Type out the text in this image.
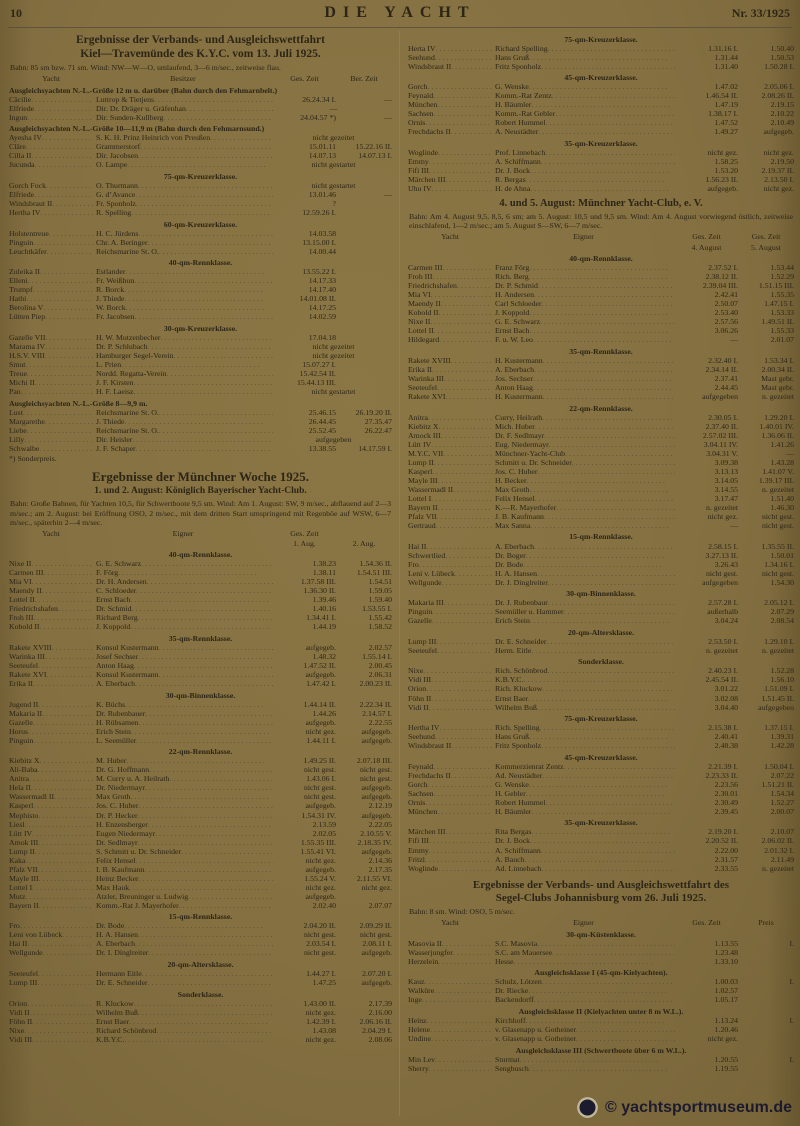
10	DIE YACHT	Nr. 33/1925
Ergebnisse der Verbands- und Ausgleichswettfahrt
Kiel—Travemünde des K.Y.C. vom 13. Juli 1925.

Bahn: 85 sm bzw. 71 sm. Wind: NW—W—O, umlaufend, 3—6 m/sec., zeitweise flau.

Yacht	Besitzer	Ges. Zeit	Ber. Zeit
Ausgleichsyachten N.-L.-Größe 12 m u. darüber (Bahn durch den Fehmarnbelt.)
Cäcilie . . .	Luttrop & Tietjens . . .	26.24.34 I.	—
Elfriede . . .	Dir. Dr. Dräger u. Gräfenhan . . .	—
Ingun . . .	Dir. Sunden-Kullberg . . .	24.04.57 *)	—
Ausgleichsyachten N.-L.-Größe 10—11,9 m (Bahn durch den Fehmarnsund.)
Ayesha IV . . .	S. K. H. Prinz Heinrich von Preußen . . .	nicht gezeitet
Cläre . . .	Grammerstorf . . .	15.01.11	15.22.16 II.
Cilla II . . .	Dir. Jacobsen . . .	14.07.13	14.07.13 I.
Jucunda . . .	O. Lampe . . .	nicht gestartet
75-qm-Kreuzerklasse.
Gorch Fock . . .	O. Thurmann . . .	nicht gestartet
Elfriede . . .	G. d’Avance . . .	13.01.46	—
Windsbraut II . . .	Fr. Sponholz . . .	?
Hertha IV . . .	R. Spelling . . .	12.59.26 I.
60-qm-Kreuzerklasse.
Holstentreue . . .	H. C. Jürdens . . .	14.03.58
Pinguin . . .	Chr. A. Beringer . . .	13.15.00 I.
Leuchtkäfer . . .	Reichsmarine St. O. . . .	14.00.44
40-qm-Rennklasse.
Zuleika II . . .	Estlander . . .	13.55.22 I.
Elleni . . .	Fr. Weißhun . . .	14.17.33
Trumpf . . .	R. Borck . . .	14.17.40
Hathi . . .	J. Thiede . . .	14.01.08 II.
Berolina V . . .	W. Borck . . .	14.17.25
Lütten Piep . . .	Fr. Jacobsen . . .	14.02.59
30-qm-Kreuzerklasse.
Gazelle VII . . .	H. W. Mutzenbecher . . .	17.04.18
Marama IV . . .	Dr. P. Schlubach . . .	nicht gezeitet
H.S.V. VIII . . .	Hamburger Segel-Verein . . .	nicht gezeitet
Smut . . .	L. Prien . . .	15.07.27 I.
Treue . . .	Nordd. Regatta-Verein . . .	15.42.54 II.
Michi II . . .	J. F. Kirsten . . .	15.44.13 III.
Pan . . .	H. F. Laeisz . . .	nicht gestartet
Ausgleichsyachten N.-L.-Größe 8—9,9 m.
Lust . . .	Reichsmarine St. O. . . .	25.46.15	26.19.20 II.
Margarethe . . .	J. Thiede . . .	26.44.45	27.35.47
Liebe . . .	Reichsmarine St. O. . . .	25.52.45	26.22.47
Lilly . . .	Dir. Heisler . . .	aufgegeben
Schwalbe . . .	J. F. Schaper . . .	13.38.55	14.17.59 I.

*) Sonderpreis.

Ergebnisse der Münchner Woche 1925.
1. und 2. August: Königlich Bayerischer Yacht-Club.

Bahn: Große Bahnen, für Yachten 10,5, für Schwertboote 9,5 sm. Wind: Am 1. August: SW, 9 m/sec., abflauend auf 2—3 m/sec.; am 2. August: bei Eröffnung OSO, 2 m/sec., mit dem dritten Start umspringend mit Regenböe auf WSW, 6—7 m/sec., späterhin 2—4 m/sec.

Yacht	Eigner	Ges. Zeit
1. Aug.	2. Aug.
40-qm-Rennklasse.
Nixe II . . .	G. E. Schwarz . . .	1.38.23	1.54.36 II.
Carmen III . . .	F. Förg . . .	1.38.11	1.54.51 III.
Mia VI . . .	Dr. H. Andersen . . .	1.37.58 III.	1.54.51
Maendy II . . .	C. Schloeder . . .	1.36.30 II.	1.59.05
Lottel II . . .	Ernst Bach . . .	1.39.46	1.59.40
Friedrichshafen . . .	Dr. Schmid . . .	1.40.16	1.53.55 I.
Froh III . . .	Richard Berg . . .	1.34.41 I.	1.55.42
Kobold II . . .	J. Koppold . . .	1.44.19	1.58.52
35-qm-Rennklasse.
Rakete XVIII . . .	Konsul Kustermann . . .	aufgegeb.	2.02.57
Warinka III . . .	Josef Sechser . . .	1.48.32	1.55.14 I.
Seeteufel . . .	Anton Haag . . .	1.47.52 II.	2.00.45
Rakete XVI . . .	Konsul Kustermann . . .	aufgegeb.	2.06.31
Erika II . . .	A. Eberbach . . .	1.47.42 I.	2.00.23 II.
30-qm-Binnenklasse.
Jugend II . . .	K. Büchs . . .	1.44.14 II.	2.22.34 II.
Makaria II . . .	Dr. Rubenbauer . . .	1.44.26	2.14.57 I.
Gazelle . . .	H. Rübsamen . . .	aufgegeb.	2.22.55
Horus . . .	Erich Stein . . .	nicht gez.	aufgegeb.
Pinguin . . .	L. Seemüller . . .	1.44.11 I.	aufgegeb.
22-qm-Rennklasse.
Kiebitz X . . .	M. Huber . . .	1.49.25 II.	2.07.18 III.
Ali-Baba . . .	Dr. G. Hoffmann . . .	nicht gest.	nicht gest.
Anitra . . .	M. Curry u. A. Heilrath . . .	1.43.06 I.	nicht gest.
Hela II . . .	Dr. Niedermayr . . .	nicht gest.	aufgegeb.
Wassermadl II . . .	Max Groth . . .	nicht gest.	aufgegeb.
Kasperl . . .	Jos. C. Huber . . .	aufgegeb.	2.12.19
Mephisto . . .	Dr. P. Hecker . . .	1.54.31 IV.	aufgegeb.
Liesl . . .	H. Enzensberger . . .	2.13.59	2.22.05
Lütt IV . . .	Eugen Niedermayr . . .	2.02.05	2.10.55 V.
Amok III . . .	Dr. Sedlmayr . . .	1.55.35 III.	2.18.35 IV.
Lump II . . .	S. Schmitt u. Dr. Schneider . . .	1.55.41 VI.	aufgegeb.
Kaka . . .	Felix Hensel . . .	nicht gez.	2.14.36
Pfalz VII . . .	I. B. Kaufmann . . .	aufgegeb.	2.17.35
Mayle III . . .	Heinz Becker . . .	1.55.24 V.	2.11.55 VI.
Lottel I . . .	Max Hauk . . .	nicht gez.	nicht gez.
Mutz . . .	Atzler, Breuninger u. Ludwig . . .	aufgegeb.
Bayern II . . .	Komm.-Rat J. Mayerhofer . . .	2.02.40	2.07.07
15-qm-Rennklasse.
Fro . . .	Dr. Bode . . .	2.04.20 II.	2.09.29 II.
Leni von Lübeck . . .	H. A. Hansen . . .	nicht gest.	nicht gest.
Hai II . . .	A. Eberbach . . .	2.03.54 I.	2.08.11 I.
Wellgunde . . .	Dr. I. Dinglreiter . . .	nicht gest.	aufgegeb.
20-qm-Altersklasse.
Seeteufel . . .	Hermann Eitle . . .	1.44.27 I.	2.07.20 I.
Lump III . . .	Dr. E. Schneider . . .	1.47.25	aufgegeb.
Sonderklasse.
Orion . . .	R. Kluckow . . .	1.43.00 II.	2.17.39
Vidi II . . .	Wilhelm Buß . . .	nicht gez.	2.16.00
Föhn II . . .	Ernst Baer . . .	1.42.39 I.	2.06.16 II.
Nixe . . .	Richard Schönbrod . . .	1.43.08	2.04.29 I.
Vidi III . . .	K.B.Y.C. . . .	nicht gez.	2.08.06
75-qm-Kreuzerklasse.
Herta IV . . .	Richard Spelling . . .	1.31.16 I.	1.50.40
Seehund . . .	Hans Gruß . . .	1.31.44	1.50.53
Windsbraut II . . .	Fritz Sponholz . . .	1.31.40	1.50.28 I.
45-qm-Kreuzerklasse.
Gorch . . .	G. Wenske . . .	1.47.02	2.05.06 I.
Feynald . . .	Komm.-Rat Zentz . . .	1.46.54 II.	2.08.26 II.
München . . .	H. Bäumler . . .	1.47.19	2.19.15
Sachsen . . .	Komm.-Rat Gebler . . .	1.38.17 I.	2.10.22
Ornis . . .	Robert Hummel . . .	1.47.52	2.10.49
Frechdachs II . . .	A. Neustädter . . .	1.49.27	aufgegeb.
35-qm-Kreuzerklasse.
Woglinde . . .	Prof. Linnebach . . .	nicht gez.	nicht gez.
Emmy . . .	A. Schiffmann . . .	1.58.25	2.19.50
Fifi III . . .	Dr. J. Bock . . .	1.53.20	2.19.37 II.
Märchen III . . .	R. Bergas . . .	1.56.23 II.	2.13.50 I.
Uhu IV . . .	H. de Ahna . . .	aufgegeb.	nicht gez.
4. und 5. August: Münchner Yacht-Club, e. V.

Bahn: Am 4. August 9,5, 8,5, 6 sm; am 5. August: 10,5 und 9,5 sm. Wind: Am 4. August vorwiegend östlich, zeitweise einschlafend, 1—2 m/sec.; am 5. August S—SW, 6—7 m/sec.

Yacht	Eigner	Ges. Zeit	Ges. Zeit
4. August	5. August
40-qm-Rennklasse.
Carmen III . . .	Franz Förg . . .	2.37.52 I.	1.53.44
Froh III . . .	Rich. Berg . . .	2.38.12 II.	1.52.29
Friedrichshafen . . .	Dr. P. Schmid . . .	2.39.04 III.	1.51.15 III.
Mia VI . . .	H. Andersen . . .	2.42.41	1.55.35
Maendy II . . .	Carl Schloeder . . .	2.50.07	1.47.15 I.
Kobold II . . .	J. Koppold . . .	2.53.40	1.53.33
Nixe II . . .	G. E. Schwarz . . .	2.57.56	1.49.51 II.
Lottel II . . .	Ernst Bach . . .	3.06.26	1.55.33
Hildegard . . .	F. u. W. Leo . . .	—	2.01.07
35-qm-Rennklasse.
Rakete XVIII . . .	H. Kustermann . . .	2.32.40 I.	1.53.34 I.
Erika II . . .	A. Eberbach . . .	2.34.14 II.	2.00.34 II.
Warinka III . . .	Jos. Sechser . . .	2.37.41	Mast gebr.
Seeteufel . . .	Anton Haag . . .	2.44.45	Mast gebr.
Rakete XVI . . .	H. Kustermann . . .	aufgegeben	n. gezeitet
22-qm-Rennklasse.
Anitra . . .	Curry, Heilrath . . .	2.30.05 I.	1.29.20 I.
Kiebitz X . . .	Mich. Huber . . .	2.37.40 II.	1.40.01 IV.
Amock III . . .	Dr. F. Sedlmayr . . .	2.57.02 III.	1.36.06 II.
Lütt IV . . .	Eug. Niedermayr . . .	3.04.11 IV.	1.41.26
M.Y.C. VII . . .	Münchner-Yacht-Club . . .	3.04.31 V.	—
Lump II . . .	Schmitt u. Dr. Schneider . . .	3.09.38	1.43.28
Kasperl . . .	Jos. C. Huber . . .	3.13.13	1.41.07 V.
Mayle III . . .	H. Becker . . .	3.14.05	1.39.17 III.
Wassermadl II . . .	Max Groth . . .	3.14.55	n. gezeitet
Lottel I . . .	Felix Hensel . . .	3.17.47	1.51.40
Bayern II . . .	K.—R. Mayerhofer . . .	n. gezeitet	1.46.30
Pfalz VII . . .	J. B. Kaufmann . . .	nicht gez.	nicht gest.
Gertraud . . .	Max Sanna . . .	—	nicht gest.
15-qm-Rennklasse.
Hai II . . .	A. Eberbach . . .	2.58.15 I.	1.35.55 II.
Schwertlied . . .	Dr. Boger . . .	3.27.13 II.	1.50.01
Fro . . .	Dr. Bode . . .	3.26.43	1.34.16 I.
Leni v. Lübeck . . .	H. A. Hansen . . .	nicht gest.	nicht gest.
Wellgunde . . .	Dr. J. Dinglreiter . . .	aufgegeben	1.54.30
30-qm-Binnenklasse.
Makaria III . . .	Dr. J. Rubenbaur . . .	2.57.28 I.	2.05.12 I.
Pinguin . . .	Seemüller u. Hammer . . .	außerhalb	2.07.29
Gazelle . . .	Erich Stein . . .	3.04.24	2.08.54
20-qm-Altersklasse.
Lump III . . .	Dr. E. Schneider . . .	2.53.50 I.	1.29.10 I.
Seeteufel . . .	Herm. Eitle . . .	n. gezeitet	n. gezeitet
Sonderklasse.
Nixe . . .	Rich. Schönbrod . . .	2.40.23 I.	1.52.28
Vidi III . . .	K.B.Y.C. . . .	2.45.54 II.	1.56.10
Orion . . .	Rich. Kluckow . . .	3.01.22	1.51.09 I.
Föhn II . . .	Ernst Baer . . .	3.02.08	1.51.45 II.
Vidi II . . .	Wilhelm Buß . . .	3.04.40	aufgegeben
75-qm-Kreuzerklasse.
Hertha IV . . .	Rich. Spelling . . .	2.15.38 I.	1.37.15 I.
Seehund . . .	Hans Gruß . . .	2.40.41	1.39.31
Windsbraut II . . .	Fritz Sponholz . . .	2.48.38	1.42.28
45-qm-Kreuzerklasse.
Feynald . . .	Kommerzienrat Zentz . . .	2.21.39 I.	1.50.04 I.
Frechdachs II . . .	Ad. Neustädter . . .	2.23.33 II.	2.07.22
Gorch . . .	G. Wenske . . .	2.23.56	1.51.21 II.
Sachsen . . .	H. Gebler . . .	2.30.01	1.54.34
Ornis . . .	Robert Hummel . . .	2.30.49	1.52.27
München . . .	H. Bäumler . . .	2.39.45	2.00.07
35-qm-Kreuzerklasse.
Märchen III . . .	Rita Bergas . . .	2.19.20 I.	2.10.07
Fifi III . . .	Dr. J. Bock . . .	2.20.52 II.	2.06.02 II.
Emmy . . .	A. Schiffmann . . .	2.22.00	2.01.32 I.
Fritzl . . .	A. Bauch . . .	2.31.57	2.11.49
Woglinde . . .	Ad. Linnebach . . .	2.33.55	n. gezeitet
Ergebnisse der Verbands- und Ausgleichswettfahrt des
Segel-Clubs Johannisburg vom 26. Juli 1925.

Bahn: 8 sm. Wind: OSO, 5 m/sec.

Yacht	Eigner	Ges. Zeit	Preis
30-qm-Küstenklasse.
Masovia II . . .	S.C. Masovia . . .	1.13.55	I.
Wasserjungfer . . .	S.C. am Mauersee . . .	1.23.48
Herzelein . . .	Hesse . . .	1.33.10
Ausgleichsklasse I (45-qm-Kielyachten).
Kauz . . .	Schulz, Lötzen . . .	1.00.03	I.
Walküre . . .	Dr. Riecke . . .	1.02.57
Inge . . .	Backendorff . . .	1.05.17
Ausgleichsklasse II (Kielyachten unter 8 m W.L.).
Heinz . . .	Kirchhoff . . .	1.13.24	I.
Helene . . .	v. Glasenapp u. Gotheiner . . .	1.20.46
Undine . . .	v. Glasenapp u. Gotheiner . . .	nicht gez.
Ausgleichsklasse III (Schwertboote über 6 m W.L.).
Min Lev . . .	Sturmat . . .	1.20.55	I.
Sherry . . .	Sengbusch . . .	1.19.55
© yachtsportmuseum.de
